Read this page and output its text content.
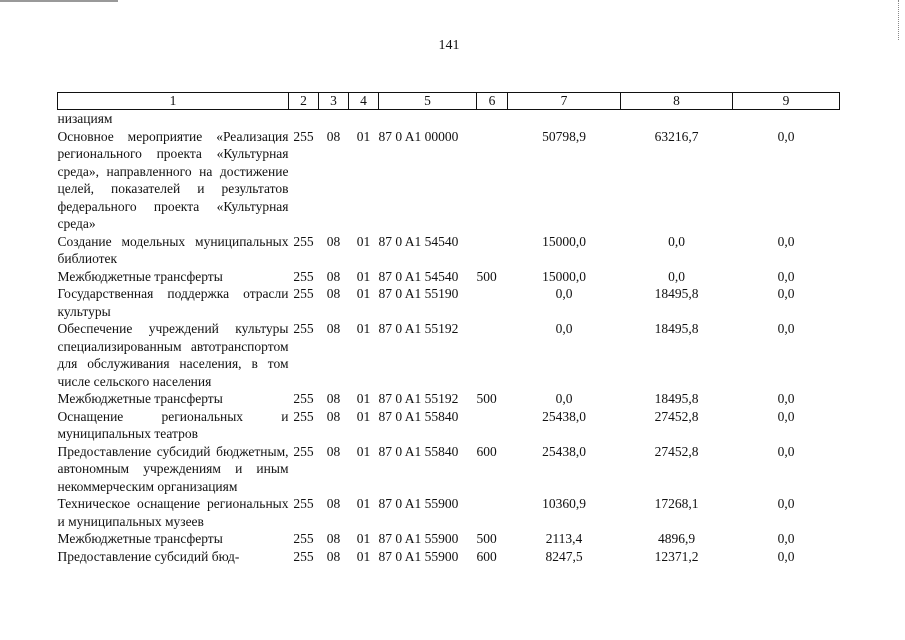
141
1	2	3	4	5	6	7	8	9
низациям								
Основное мероприятие «Реализация регионального проекта «Культурная среда», направленного на достижение целей, показателей и результатов федерального проекта «Культурная среда»	255	08	01	87 0 A1 00000		50798,9	63216,7	0,0
Создание модельных муниципальных библиотек	255	08	01	87 0 A1 54540		15000,0	0,0	0,0
Межбюджетные трансферты	255	08	01	87 0 A1 54540	500	15000,0	0,0	0,0
Государственная поддержка отрасли культуры	255	08	01	87 0 A1 55190		0,0	18495,8	0,0
Обеспечение учреждений культуры специализированным автотранспортом для обслуживания населения, в том числе сельского населения	255	08	01	87 0 A1 55192		0,0	18495,8	0,0
Межбюджетные трансферты	255	08	01	87 0 A1 55192	500	0,0	18495,8	0,0
Оснащение региональных и муниципальных театров	255	08	01	87 0 A1 55840		25438,0	27452,8	0,0
Предоставление субсидий бюджетным, автономным учреждениям и иным некоммерческим организациям	255	08	01	87 0 A1 55840	600	25438,0	27452,8	0,0
Техническое оснащение региональных и муниципальных музеев	255	08	01	87 0 A1 55900		10360,9	17268,1	0,0
Межбюджетные трансферты	255	08	01	87 0 A1 55900	500	2113,4	4896,9	0,0
Предоставление субсидий бюд-	255	08	01	87 0 A1 55900	600	8247,5	12371,2	0,0
